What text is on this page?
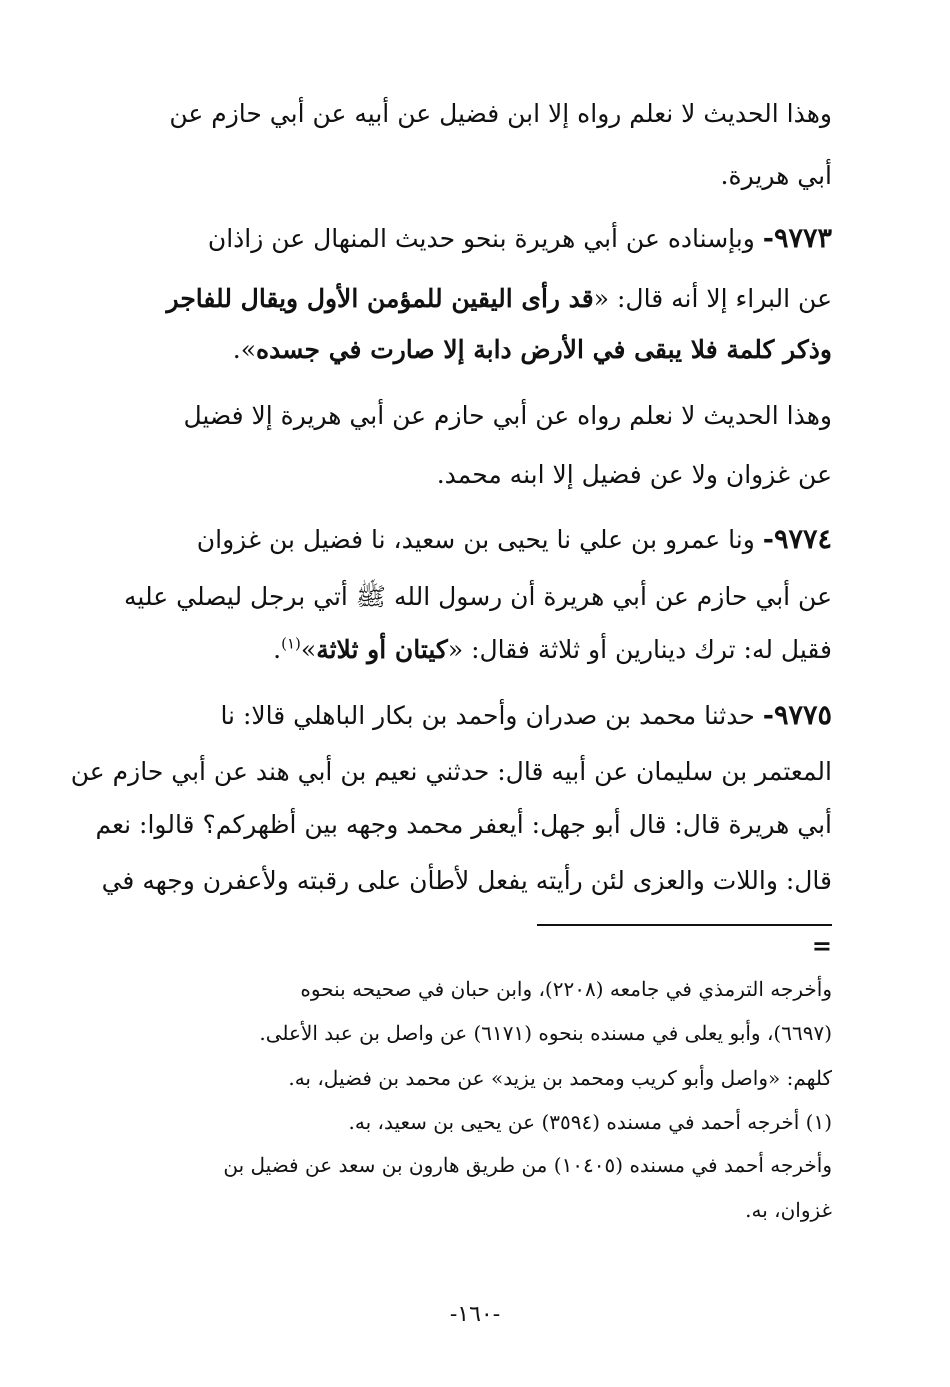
وهذا الحديث لا نعلم رواه إلا ابن فضيل عن أبيه عن أبي حازم عن
أبي هريرة.
٩٧٧٣- وبإسناده عن أبي هريرة بنحو حديث المنهال عن زاذان
عن البراء إلا أنه قال: «قد رأى اليقين للمؤمن الأول ويقال للفاجر
وذكر كلمة فلا يبقى في الأرض دابة إلا صارت في جسده».
وهذا الحديث لا نعلم رواه عن أبي حازم عن أبي هريرة إلا فضيل
عن غزوان ولا عن فضيل إلا ابنه محمد.
٩٧٧٤- ونا عمرو بن علي نا يحيى بن سعيد، نا فضيل بن غزوان
عن أبي حازم عن أبي هريرة أن رسول الله ﷺ أتي برجل ليصلي عليه
فقيل له: ترك دينارين أو ثلاثة فقال: «كيتان أو ثلاثة»$^{(١)}$.
٩٧٧٥- حدثنا محمد بن صدران وأحمد بن بكار الباهلي قالا: نا
المعتمر بن سليمان عن أبيه قال: حدثني نعيم بن أبي هند عن أبي حازم عن
أبي هريرة قال: قال أبو جهل: أيعفر محمد وجهه بين أظهركم؟ قالوا: نعم
قال: واللات والعزى لئن رأيته يفعل لأطأن على رقبته ولأعفرن وجهه في
=
وأخرجه الترمذي في جامعه (٢٢٠٨)، وابن حبان في صحيحه بنحوه
(٦٦٩٧)، وأبو يعلى في مسنده بنحوه (٦١٧١) عن واصل بن عبد الأعلى.
كلهم: «واصل وأبو كريب ومحمد بن يزيد» عن محمد بن فضيل، به.
(١) أخرجه أحمد في مسنده (٣٥٩٤) عن يحيى بن سعيد، به.
وأخرجه أحمد في مسنده (١٠٤٠٥) من طريق هارون بن سعد عن فضيل بن
غزوان، به.
-١٦٠-
